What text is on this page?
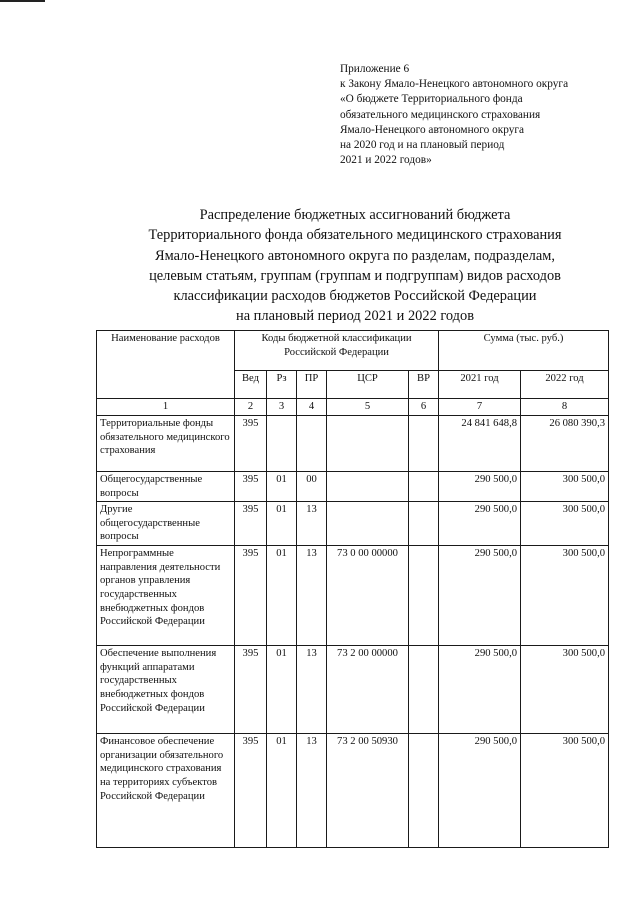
Приложение 6
к Закону Ямало-Ненецкого автономного округа
«О бюджете Территориального фонда
обязательного медицинского страхования
Ямало-Ненецкого автономного округа
на 2020 год и на плановый период
2021 и 2022 годов»
Распределение бюджетных ассигнований бюджета
Территориального фонда обязательного медицинского страхования
Ямало-Ненецкого автономного округа по разделам, подразделам,
целевым статьям, группам (группам и подгруппам) видов расходов
классификации расходов бюджетов Российской Федерации
на плановый период 2021 и 2022 годов
Наименование расходов	Коды бюджетной классификации Российской Федерации					Сумма (тыс. руб.)	
	Вед	Рз	ПР	ЦСР	ВР	2021 год	2022 год
1	2	3	4	5	6	7	8
Территориальные фонды обязательного медицинского страхования	395					24 841 648,8	26 080 390,3
Общегосударственные вопросы	395	01	00			290 500,0	300 500,0
Другие общегосударственные вопросы	395	01	13			290 500,0	300 500,0
Непрограммные направления деятельности органов управления государственных внебюджетных фондов Российской Федерации	395	01	13	73 0 00 00000		290 500,0	300 500,0
Обеспечение выполнения функций аппаратами государственных внебюджетных фондов Российской Федерации	395	01	13	73 2 00 00000		290 500,0	300 500,0
Финансовое обеспечение организации обязательного медицинского страхования на территориях субъектов Российской Федерации	395	01	13	73 2 00 50930		290 500,0	300 500,0
